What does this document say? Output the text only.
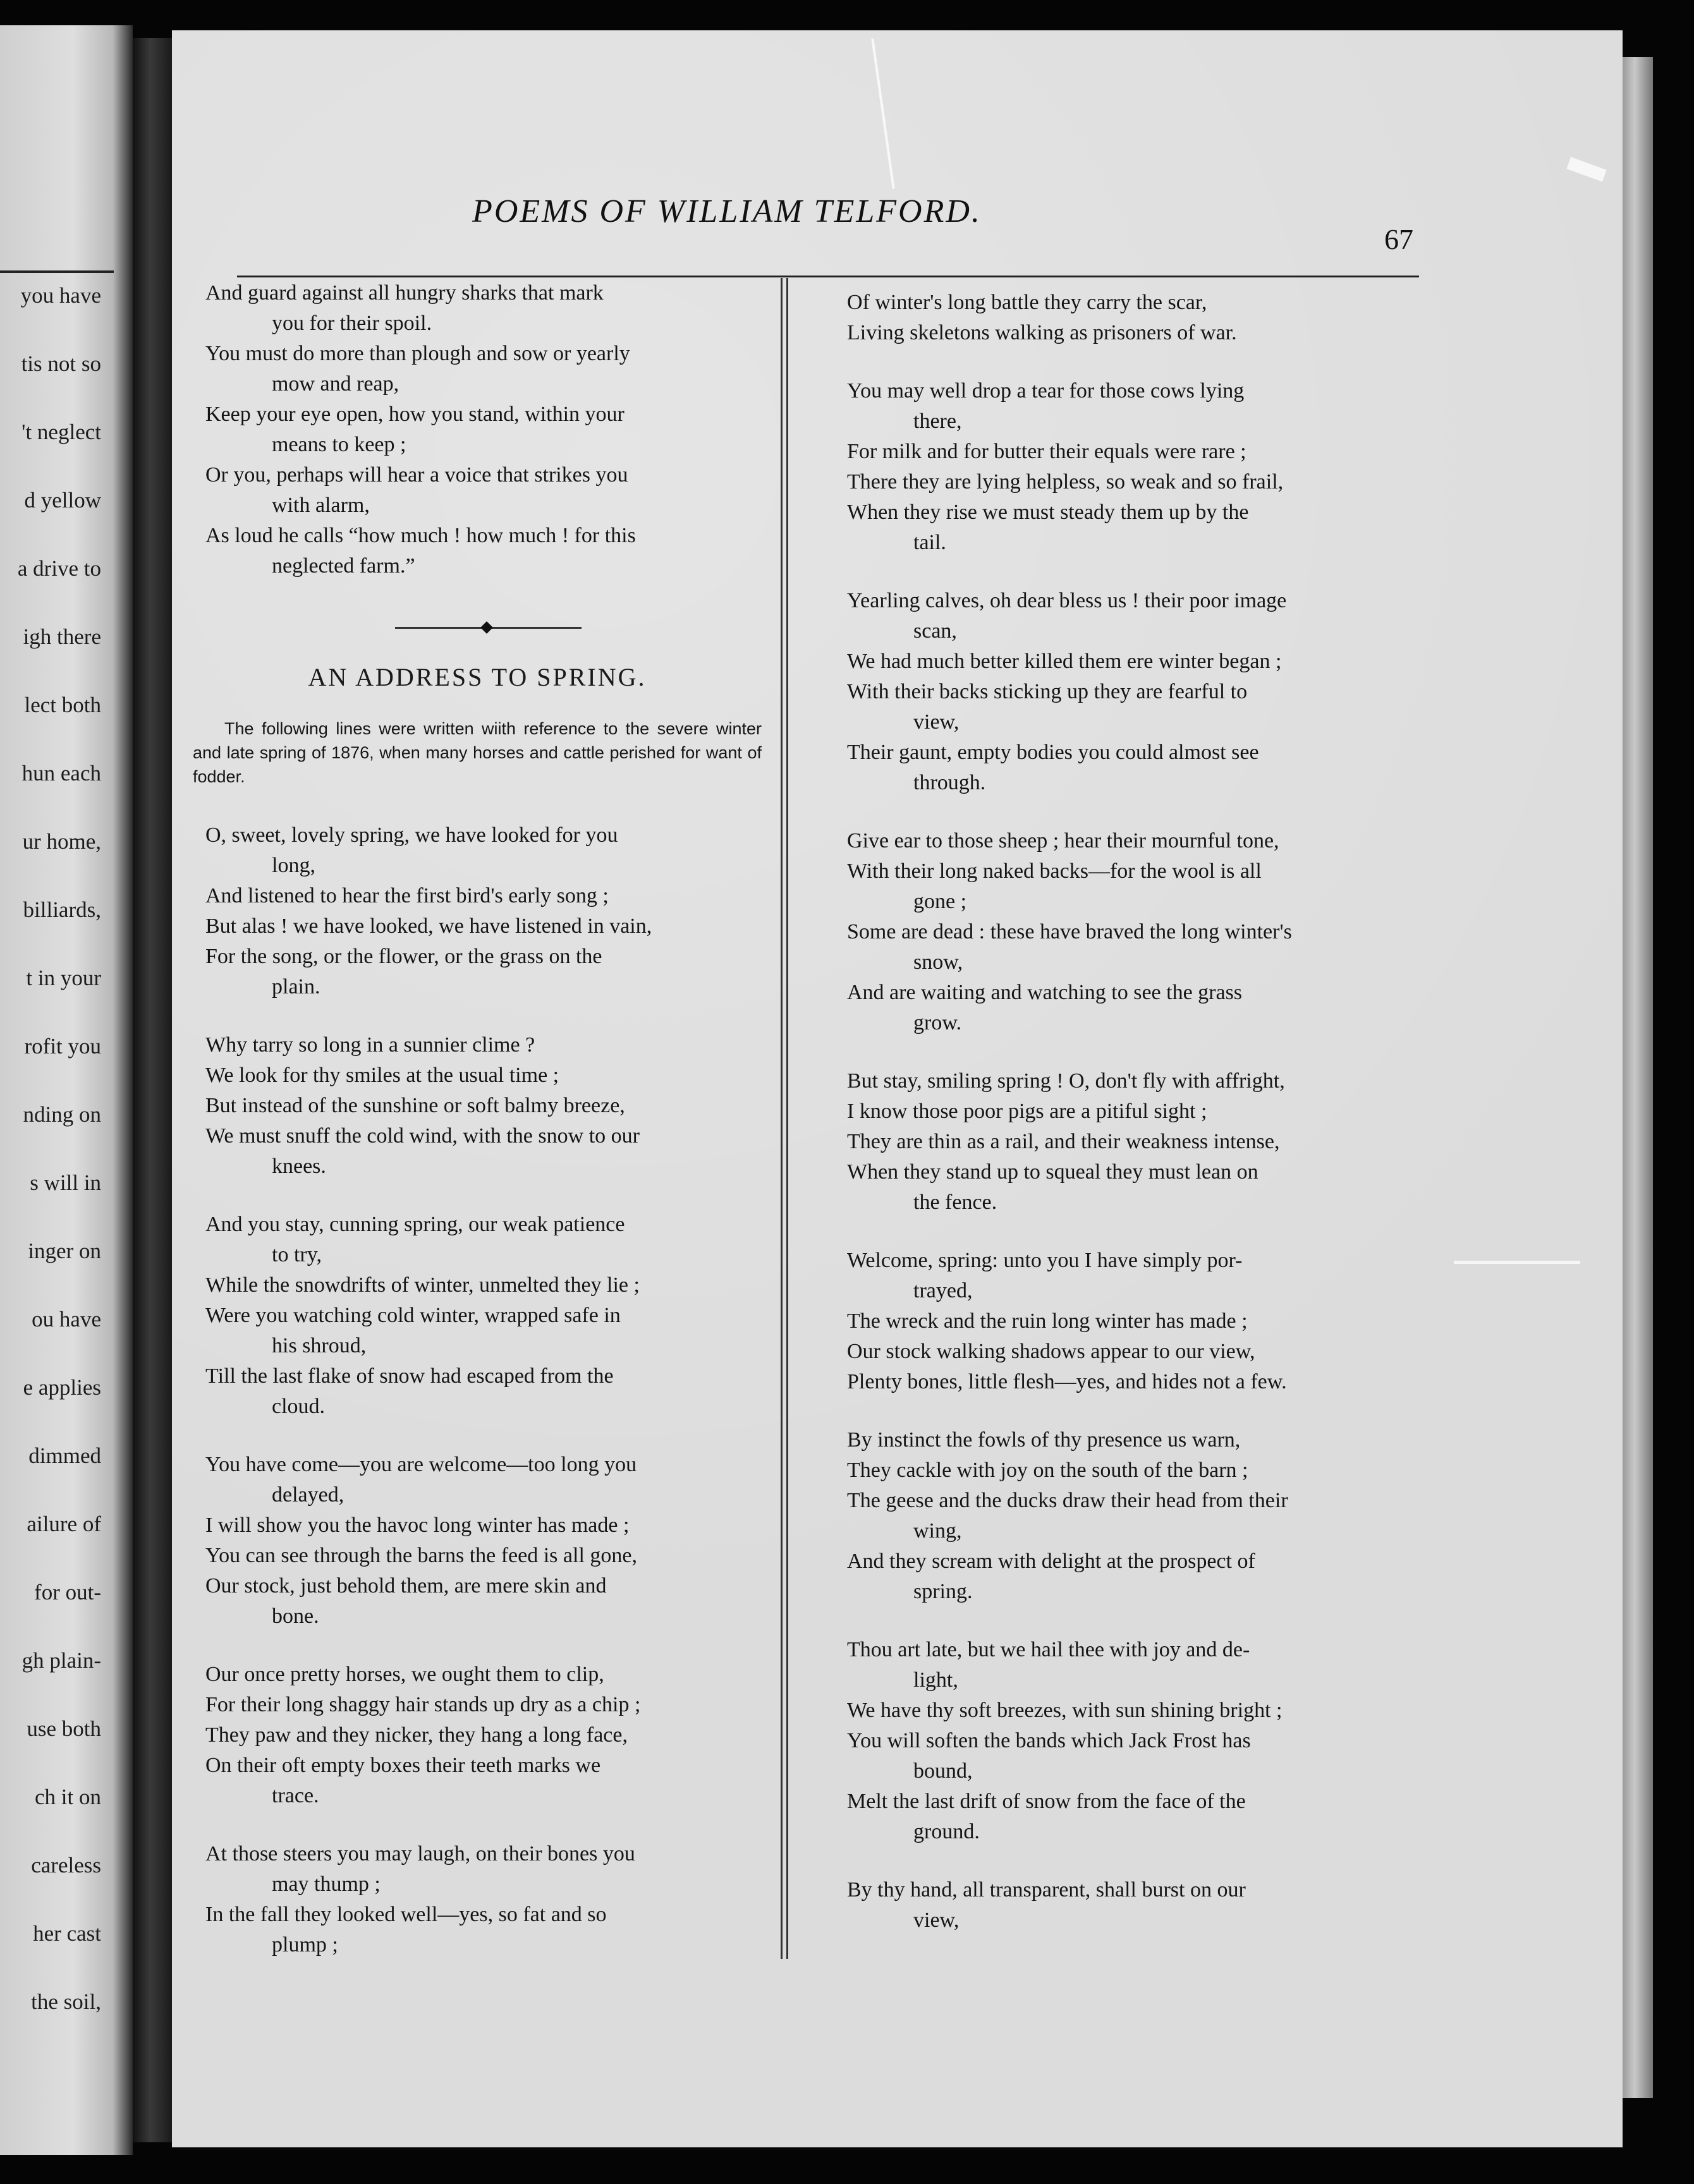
you have
tis not so
't neglect
d yellow
a drive to
igh there
lect both
hun each
ur home,
billiards,
t in your
rofit you
nding on
s will in
inger on
ou have
e applies
dimmed
ailure of
for out-
gh plain-
use both
ch it on
careless
her cast
the soil,
POEMS OF WILLIAM TELFORD.
67
And guard against all hungry sharks that mark
you for their spoil.
You must do more than plough and sow or yearly
mow and reap,
Keep your eye open, how you stand, within your
means to keep ;
Or you, perhaps will hear a voice that strikes you
with alarm,
As loud he calls “how much ! how much ! for this
neglected farm.”
AN ADDRESS TO SPRING.
The following lines were written wiith reference to the severe winter and late spring of 1876, when many horses and cattle perished for want of fodder.
O, sweet, lovely spring, we have looked for you
long,
And listened to hear the first bird's early song ;
But alas ! we have looked, we have listened in vain,
For the song, or the flower, or the grass on the
plain.
Why tarry so long in a sunnier clime ?
We look for thy smiles at the usual time ;
But instead of the sunshine or soft balmy breeze,
We must snuff the cold wind, with the snow to our
knees.
And you stay, cunning spring, our weak patience
to try,
While the snowdrifts of winter, unmelted they lie ;
Were you watching cold winter, wrapped safe in
his shroud,
Till the last flake of snow had escaped from the
cloud.
You have come—you are welcome—too long you
delayed,
I will show you the havoc long winter has made ;
You can see through the barns the feed is all gone,
Our stock, just behold them, are mere skin and
bone.
Our once pretty horses, we ought them to clip,
For their long shaggy hair stands up dry as a chip ;
They paw and they nicker, they hang a long face,
On their oft empty boxes their teeth marks we
trace.
At those steers you may laugh, on their bones you
may thump ;
In the fall they looked well—yes, so fat and so
plump ;
Of winter's long battle they carry the scar,
Living skeletons walking as prisoners of war.
You may well drop a tear for those cows lying
there,
For milk and for butter their equals were rare ;
There they are lying helpless, so weak and so frail,
When they rise we must steady them up by the
tail.
Yearling calves, oh dear bless us ! their poor image
scan,
We had much better killed them ere winter began ;
With their backs sticking up they are fearful to
view,
Their gaunt, empty bodies you could almost see
through.
Give ear to those sheep ; hear their mournful tone,
With their long naked backs—for the wool is all
gone ;
Some are dead : these have braved the long winter's
snow,
And are waiting and watching to see the grass
grow.
But stay, smiling spring ! O, don't fly with affright,
I know those poor pigs are a pitiful sight ;
They are thin as a rail, and their weakness intense,
When they stand up to squeal they must lean on
the fence.
Welcome, spring: unto you I have simply por-
trayed,
The wreck and the ruin long winter has made ;
Our stock walking shadows appear to our view,
Plenty bones, little flesh—yes, and hides not a few.
By instinct the fowls of thy presence us warn,
They cackle with joy on the south of the barn ;
The geese and the ducks draw their head from their
wing,
And they scream with delight at the prospect of
spring.
Thou art late, but we hail thee with joy and de-
light,
We have thy soft breezes, with sun shining bright ;
You will soften the bands which Jack Frost has
bound,
Melt the last drift of snow from the face of the
ground.
By thy hand, all transparent, shall burst on our
view,
